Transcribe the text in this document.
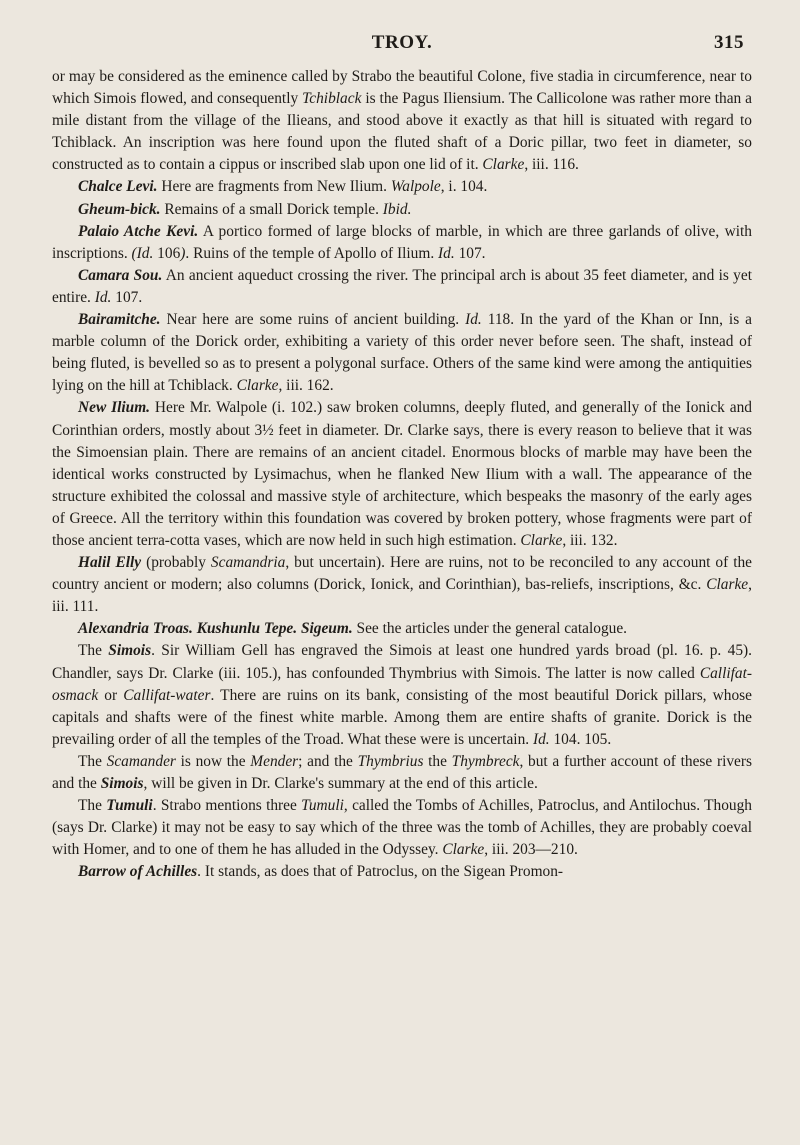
TROY.	315

or may be considered as the eminence called by Strabo the beautiful Colone, five stadia in circumference, near to which Simois flowed, and consequently Tchiblack is the Pagus Iliensium. The Callicolone was rather more than a mile distant from the village of the Ilieans, and stood above it exactly as that hill is situated with regard to Tchiblack. An inscription was here found upon the fluted shaft of a Doric pillar, two feet in diameter, so constructed as to contain a cippus or inscribed slab upon one lid of it. Clarke, iii. 116.

Chalce Levi. Here are fragments from New Ilium. Walpole, i. 104.

Gheum-bick. Remains of a small Dorick temple. Ibid.

Palaio Atche Kevi. A portico formed of large blocks of marble, in which are three garlands of olive, with inscriptions. (Id. 106). Ruins of the temple of Apollo of Ilium. Id. 107.

Camara Sou. An ancient aqueduct crossing the river. The principal arch is about 35 feet diameter, and is yet entire. Id. 107.

Bairamitche. Near here are some ruins of ancient building. Id. 118. In the yard of the Khan or Inn, is a marble column of the Dorick order, exhibiting a variety of this order never before seen. The shaft, instead of being fluted, is bevelled so as to present a polygonal surface. Others of the same kind were among the antiquities lying on the hill at Tchiblack. Clarke, iii. 162.

New Ilium. Here Mr. Walpole (i. 102.) saw broken columns, deeply fluted, and generally of the Ionick and Corinthian orders, mostly about 3½ feet in diameter. Dr. Clarke says, there is every reason to believe that it was the Simoensian plain. There are remains of an ancient citadel. Enormous blocks of marble may have been the identical works constructed by Lysimachus, when he flanked New Ilium with a wall. The appearance of the structure exhibited the colossal and massive style of architecture, which bespeaks the masonry of the early ages of Greece. All the territory within this foundation was covered by broken pottery, whose fragments were part of those ancient terra-cotta vases, which are now held in such high estimation. Clarke, iii. 132.

Halil Elly (probably Scamandria, but uncertain). Here are ruins, not to be reconciled to any account of the country ancient or modern; also columns (Dorick, Ionick, and Corinthian), bas-reliefs, inscriptions, &c. Clarke, iii. 111.

Alexandria Troas. Kushunlu Tepe. Sigeum. See the articles under the general catalogue.

The Simois. Sir William Gell has engraved the Simois at least one hundred yards broad (pl. 16. p. 45). Chandler, says Dr. Clarke (iii. 105.), has confounded Thymbrius with Simois. The latter is now called Callifat-osmack or Callifat-water. There are ruins on its bank, consisting of the most beautiful Dorick pillars, whose capitals and shafts were of the finest white marble. Among them are entire shafts of granite. Dorick is the prevailing order of all the temples of the Troad. What these were is uncertain. Id. 104. 105.

The Scamander is now the Mender; and the Thymbrius the Thymbreck, but a further account of these rivers and the Simois, will be given in Dr. Clarke's summary at the end of this article.

The Tumuli. Strabo mentions three Tumuli, called the Tombs of Achilles, Patroclus, and Antilochus. Though (says Dr. Clarke) it may not be easy to say which of the three was the tomb of Achilles, they are probably coeval with Homer, and to one of them he has alluded in the Odyssey. Clarke, iii. 203—210.

Barrow of Achilles. It stands, as does that of Patroclus, on the Sigean Promon-
